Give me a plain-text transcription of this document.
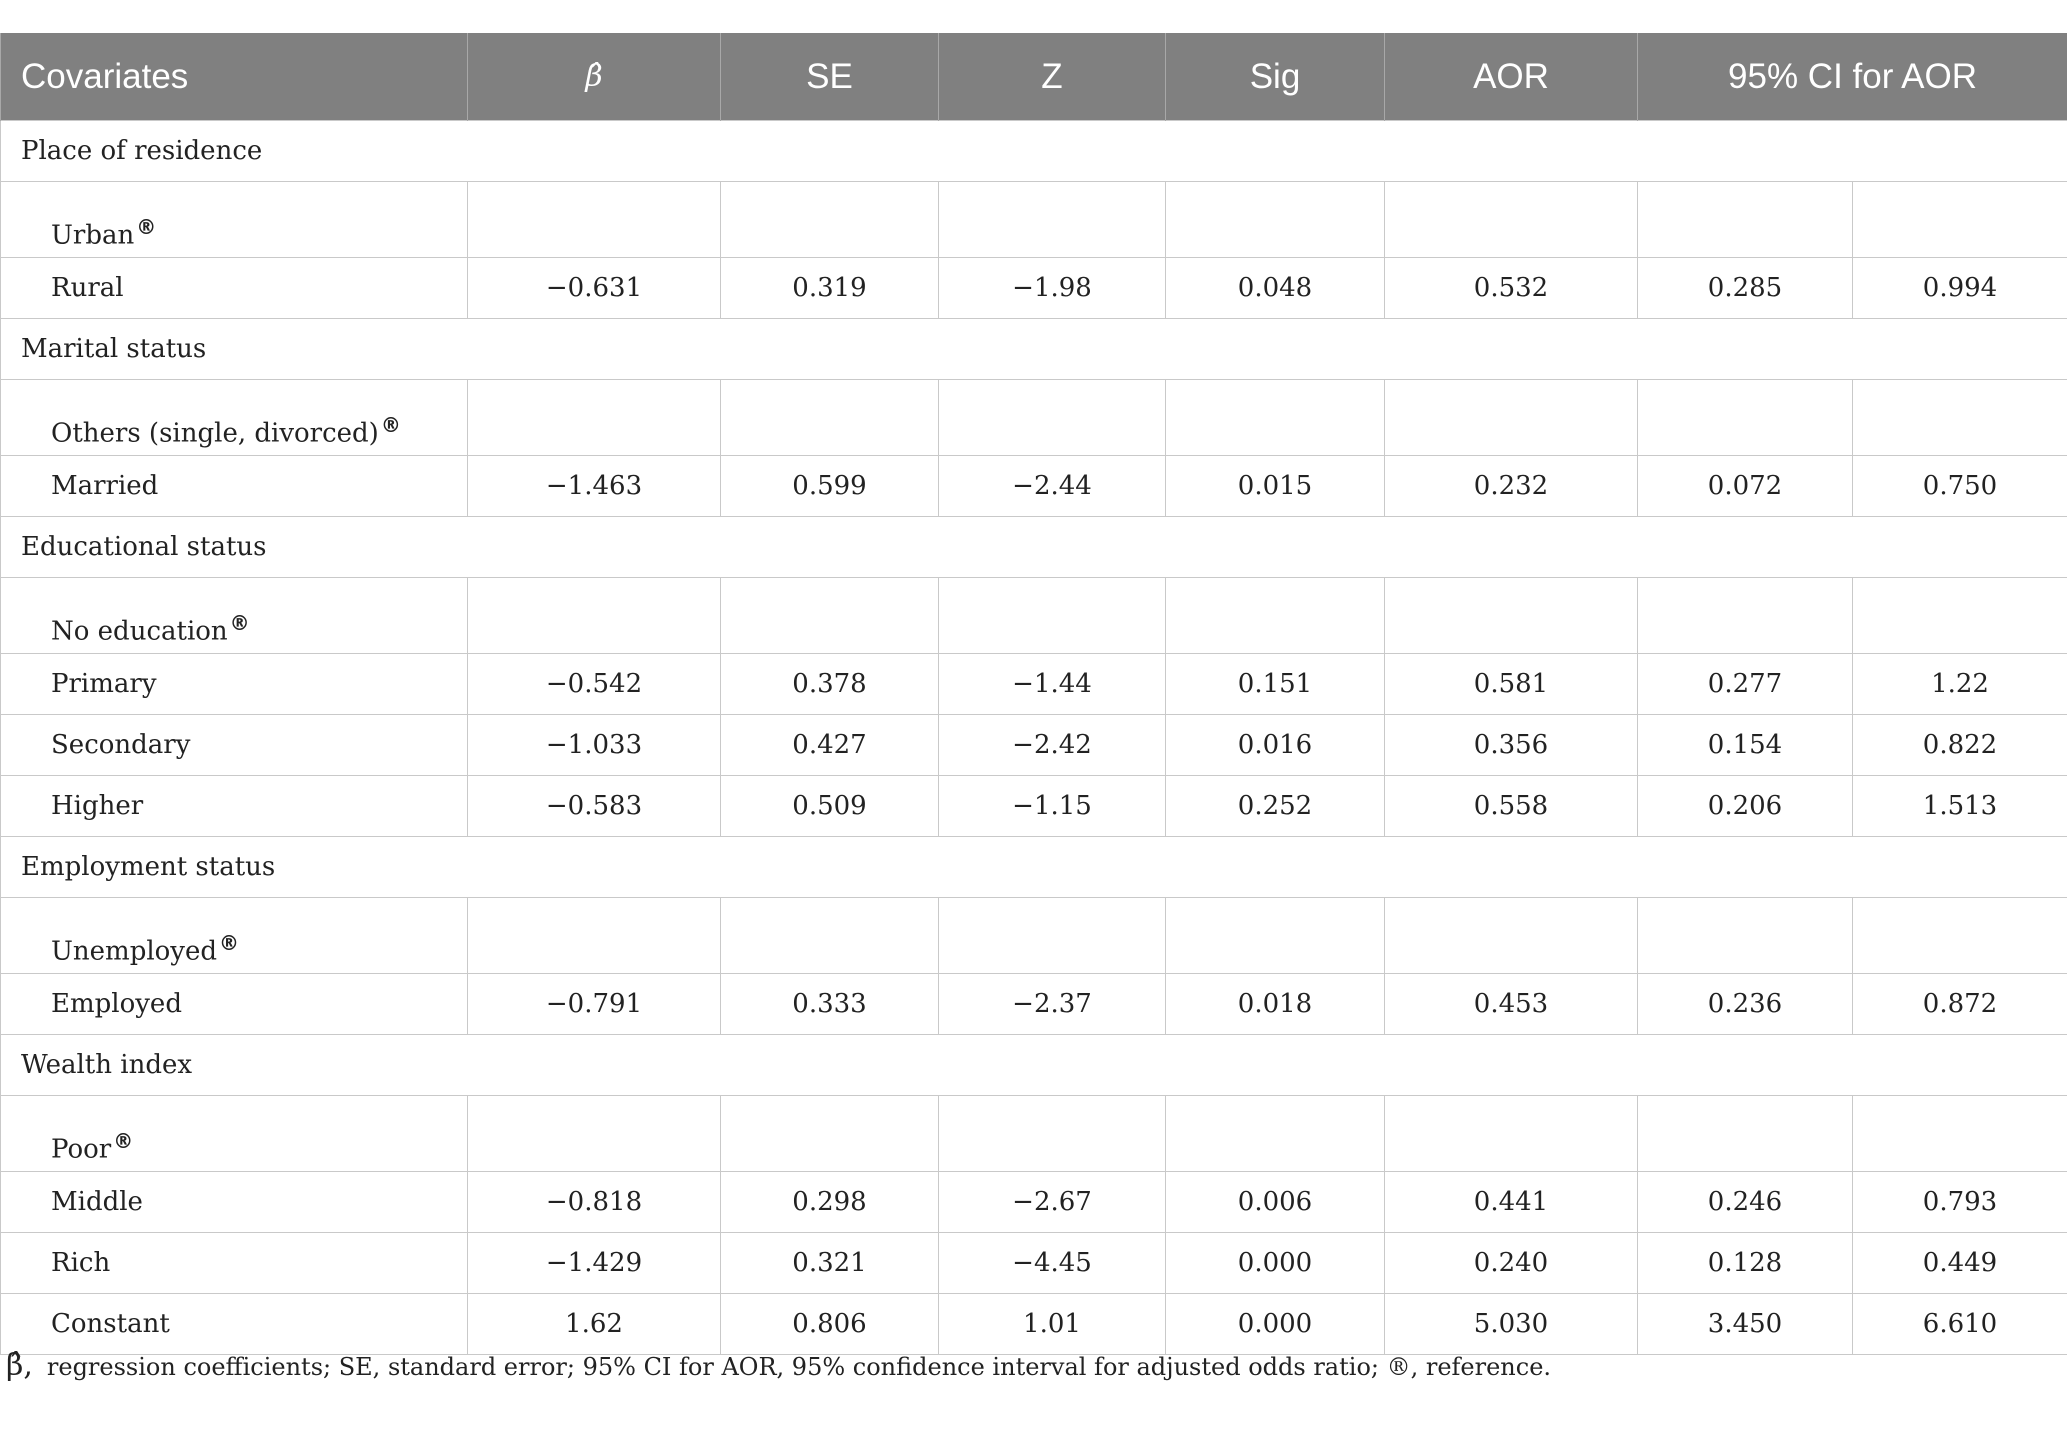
Covariates	β̂	SE	Z	Sig	AOR	95% CI for AOR	
Place of residence							
Urban ®							
Rural	−0.631	0.319	−1.98	0.048	0.532	0.285	0.994
Marital status							
Others (single, divorced) ®							
Married	−1.463	0.599	−2.44	0.015	0.232	0.072	0.750
Educational status							
No education ®							
Primary	−0.542	0.378	−1.44	0.151	0.581	0.277	1.22
Secondary	−1.033	0.427	−2.42	0.016	0.356	0.154	0.822
Higher	−0.583	0.509	−1.15	0.252	0.558	0.206	1.513
Employment status							
Unemployed ®							
Employed	−0.791	0.333	−2.37	0.018	0.453	0.236	0.872
Wealth index							
Poor ®							
Middle	−0.818	0.298	−2.67	0.006	0.441	0.246	0.793
Rich	−1.429	0.321	−4.45	0.000	0.240	0.128	0.449
Constant	1.62	0.806	1.01	0.000	5.030	3.450	6.610
β̂, regression coefficients; SE, standard error; 95% CI for AOR, 95% confidence interval for adjusted odds ratio; ®, reference.
